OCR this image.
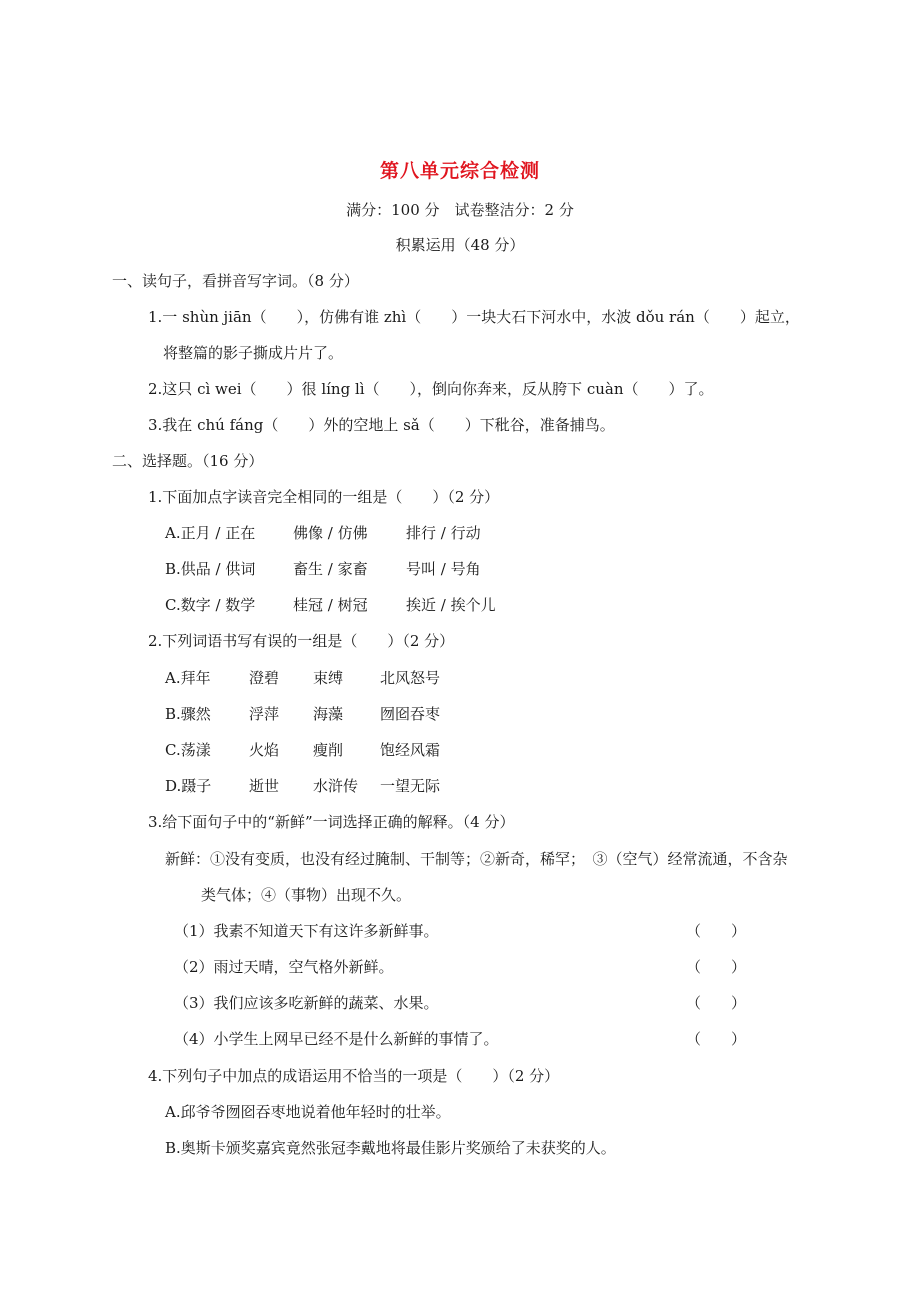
第八单元综合检测
满分：100 分　试卷整洁分：2 分
积累运用（48 分）
一、读句子，看拼音写字词。（8 分）
1.一 shùn jiān（　　），仿佛有谁 zhì（　　）一块大石下河水中，水波 dǒu rán（　　）起立，
将整篇的影子撕成片片了。
2.这只 cì wei（　　）很 líng lì（　　），倒向你奔来，反从胯下 cuàn（　　）了。
3.我在 chú fáng（　　）外的空地上 sǎ（　　）下秕谷，准备捕鸟。
二、选择题。（16 分）
1.下面加点字读音完全相同的一组是（　　）（2 分）
A.正月 / 正在	佛像 / 仿佛	排行 / 行动
B.供品 / 供词	畜生 / 家畜	号叫 / 号角
C.数字 / 数学	桂冠 / 树冠	挨近 / 挨个儿
2.下列词语书写有误的一组是（　　）（2 分）
A.拜年	澄碧 束缚 北风怒号
B.骤然	浮萍 海藻 囫囵吞枣
C.荡漾	火焰 瘦削 饱经风霜
D.蹑子	逝世 水浒传 一望无际
3.给下面句子中的“新鲜”一词选择正确的解释。（4 分）
新鲜：①没有变质，也没有经过腌制、干制等；②新奇，稀罕；　③（空气）经常流通，不含杂
类气体；④（事物）出现不久。
（1）我素不知道天下有这许多新鲜事。	（　　）
（2）雨过天晴，空气格外新鲜。	（　　）
（3）我们应该多吃新鲜的蔬菜、水果。	（　　）
（4）小学生上网早已经不是什么新鲜的事情了。	（　　）
4.下列句子中加点的成语运用不恰当的一项是（　　）（2 分）
A.邱爷爷囫囵吞枣地说着他年轻时的壮举。
B.奥斯卡颁奖嘉宾竟然张冠李戴地将最佳影片奖颁给了未获奖的人。
